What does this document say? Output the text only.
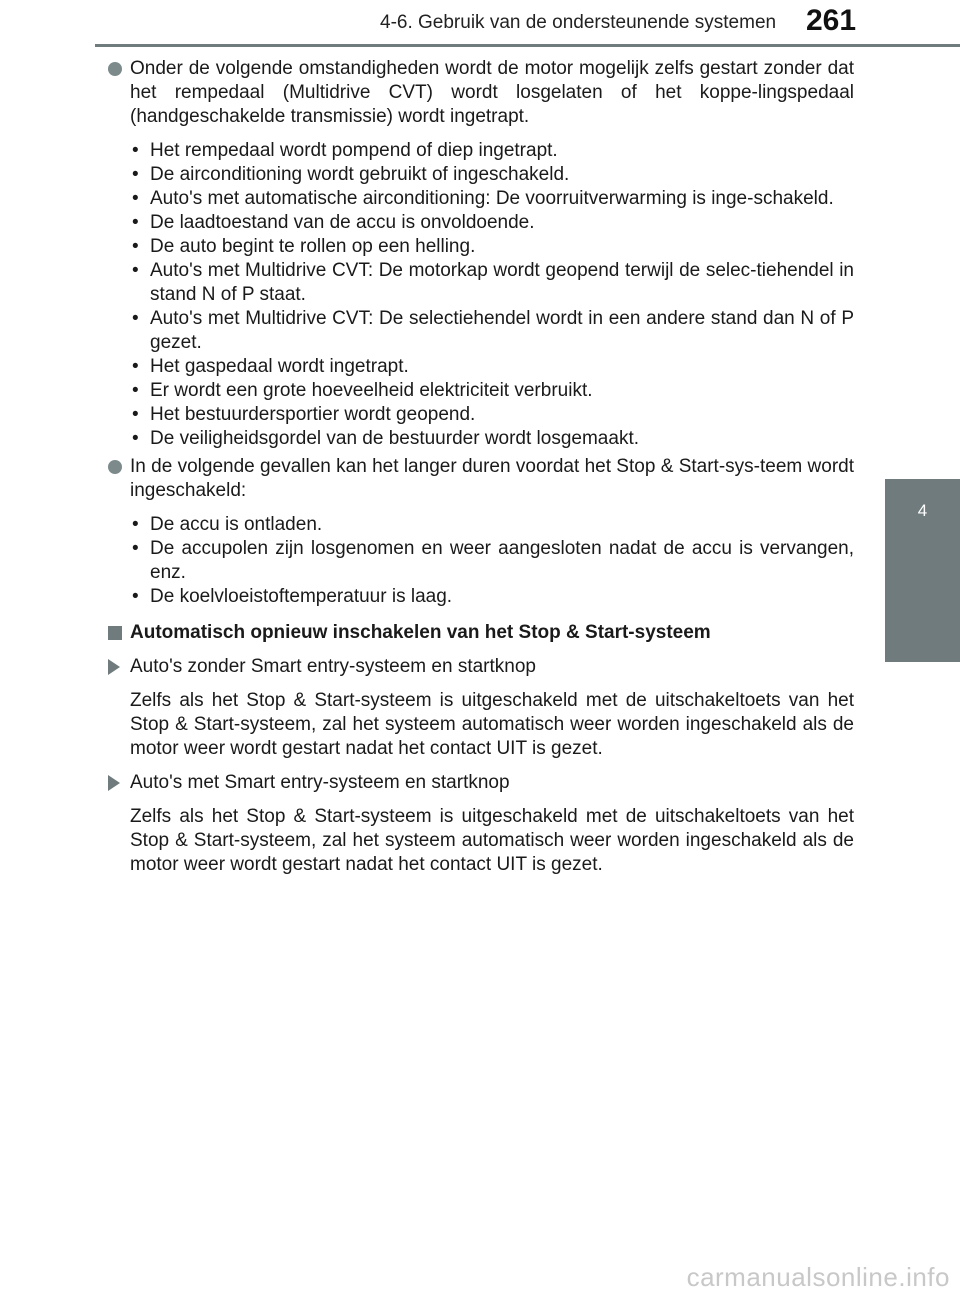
4-6. Gebruik van de ondersteunende systemen 261
4
Rijden
Onder de volgende omstandigheden wordt de motor mogelijk zelfs gestart zonder dat het rempedaal (Multidrive CVT) wordt losgelaten of het koppe-lingspedaal (handgeschakelde transmissie) wordt ingetrapt.
• Het rempedaal wordt pompend of diep ingetrapt.
• De airconditioning wordt gebruikt of ingeschakeld.
• Auto's met automatische airconditioning: De voorruitverwarming is inge-schakeld.
• De laadtoestand van de accu is onvoldoende.
• De auto begint te rollen op een helling.
• Auto's met Multidrive CVT: De motorkap wordt geopend terwijl de selec-tiehendel in stand N of P staat.
• Auto's met Multidrive CVT: De selectiehendel wordt in een andere stand dan N of P gezet.
• Het gaspedaal wordt ingetrapt.
• Er wordt een grote hoeveelheid elektriciteit verbruikt.
• Het bestuurdersportier wordt geopend.
• De veiligheidsgordel van de bestuurder wordt losgemaakt.
In de volgende gevallen kan het langer duren voordat het Stop & Start-sys-teem wordt ingeschakeld:
• De accu is ontladen.
• De accupolen zijn losgenomen en weer aangesloten nadat de accu is vervangen, enz.
• De koelvloeistoftemperatuur is laag.
Automatisch opnieuw inschakelen van het Stop & Start-systeem
Auto's zonder Smart entry-systeem en startknop
Zelfs als het Stop & Start-systeem is uitgeschakeld met de uitschakeltoets van het Stop & Start-systeem, zal het systeem automatisch weer worden ingeschakeld als de motor weer wordt gestart nadat het contact UIT is gezet.
Auto's met Smart entry-systeem en startknop
Zelfs als het Stop & Start-systeem is uitgeschakeld met de uitschakeltoets van het Stop & Start-systeem, zal het systeem automatisch weer worden ingeschakeld als de motor weer wordt gestart nadat het contact UIT is gezet.
carmanualsonline.info
